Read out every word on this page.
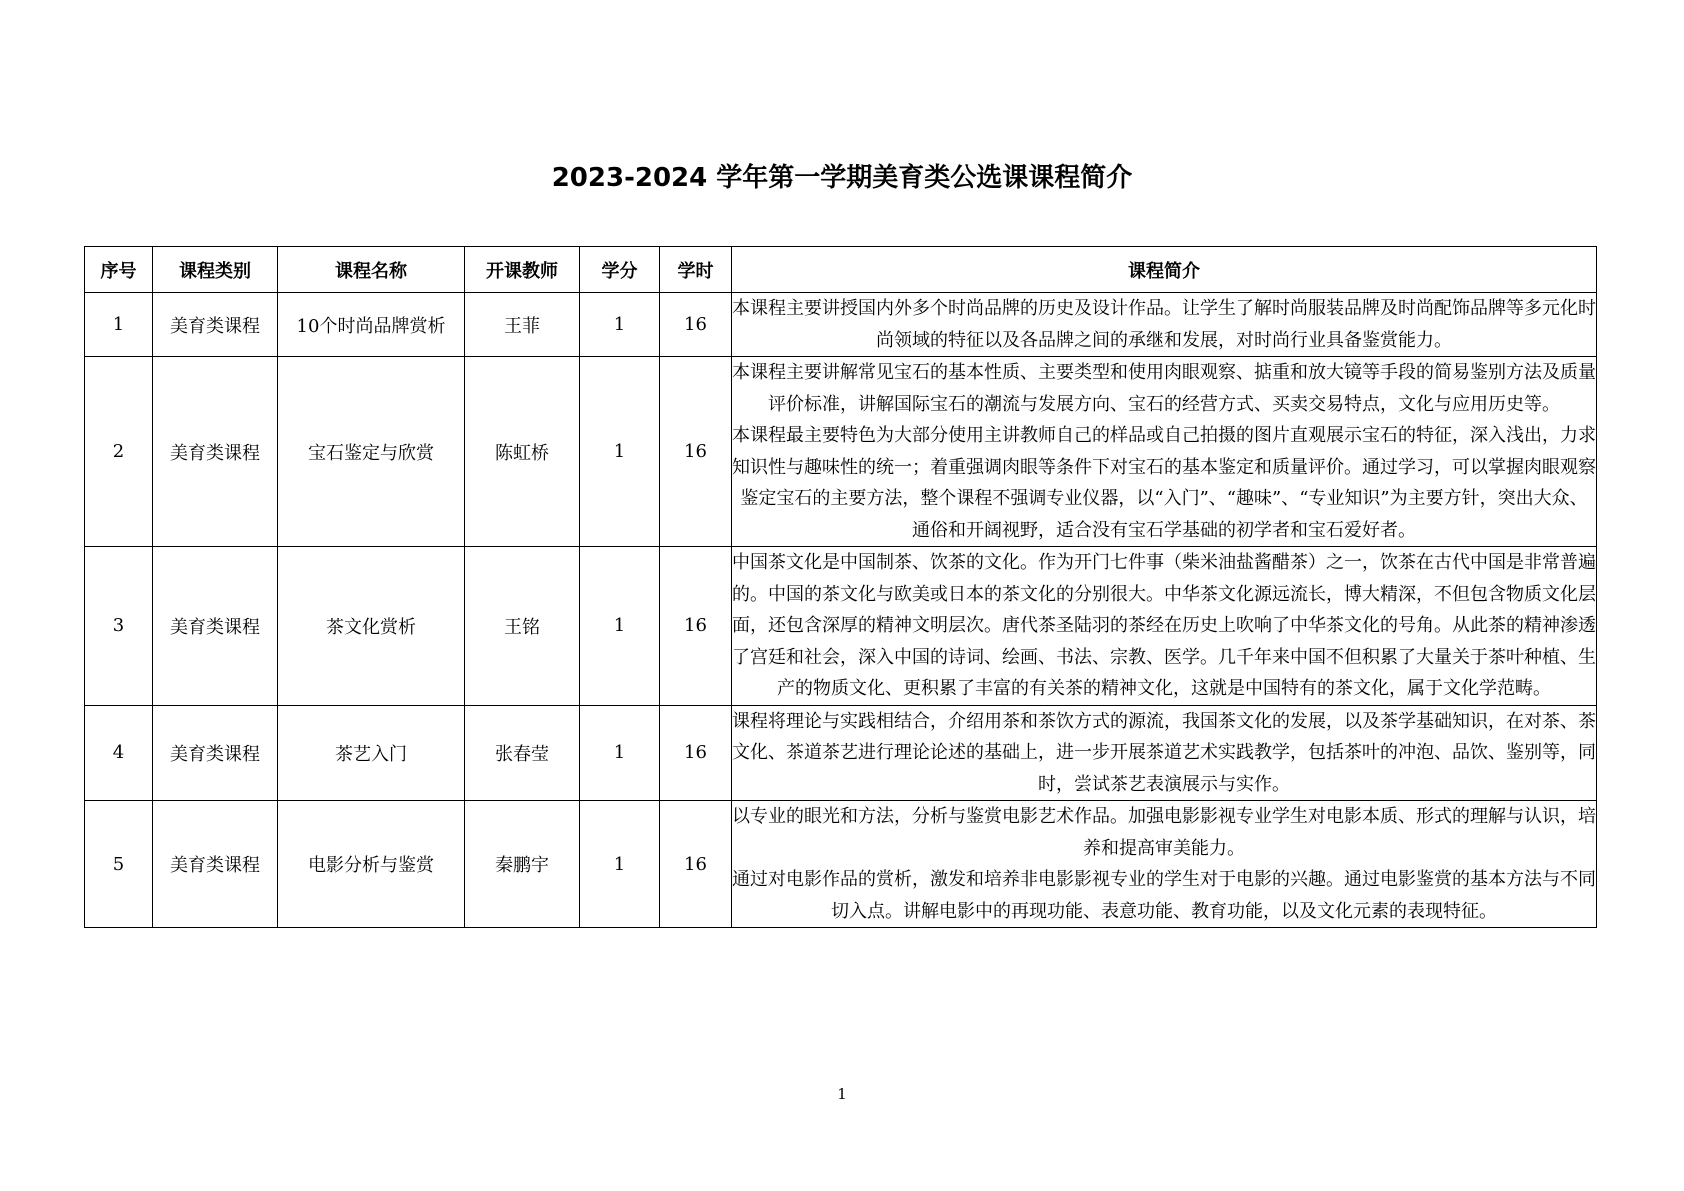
2023-2024 学年第一学期美育类公选课课程简介
序号	课程类别	课程名称	开课教师	学分	学时	课程简介
1	美育类课程	10个时尚品牌赏析	王菲	1	16	本课程主要讲授国内外多个时尚品牌的历史及设计作品。让学生了解时尚服装品牌及时尚配饰品牌等多元化时尚领域的特征以及各品牌之间的承继和发展，对时尚行业具备鉴赏能力。

2	美育类课程	宝石鉴定与欣赏	陈虹桥	1	16	本课程主要讲解常见宝石的基本性质、主要类型和使用肉眼观察、掂重和放大镜等手段的简易鉴别方法及质量评价标准，讲解国际宝石的潮流与发展方向、宝石的经营方式、买卖交易特点，文化与应用历史等。

本课程最主要特色为大部分使用主讲教师自己的样品或自己拍摄的图片直观展示宝石的特征，深入浅出，力求知识性与趣味性的统一；着重强调肉眼等条件下对宝石的基本鉴定和质量评价。通过学习，可以掌握肉眼观察鉴定宝石的主要方法，整个课程不强调专业仪器，以“入门”、“趣味”、“专业知识”为主要方针，突出大众、通俗和开阔视野，适合没有宝石学基础的初学者和宝石爱好者。

3	美育类课程	茶文化赏析	王铭	1	16	中国茶文化是中国制茶、饮茶的文化。作为开门七件事（柴米油盐酱醋茶）之一，饮茶在古代中国是非常普遍的。中国的茶文化与欧美或日本的茶文化的分别很大。中华茶文化源远流长，博大精深，不但包含物质文化层面，还包含深厚的精神文明层次。唐代茶圣陆羽的茶经在历史上吹响了中华茶文化的号角。从此茶的精神渗透了宫廷和社会，深入中国的诗词、绘画、书法、宗教、医学。几千年来中国不但积累了大量关于茶叶种植、生产的物质文化、更积累了丰富的有关茶的精神文化，这就是中国特有的茶文化，属于文化学范畴。

4	美育类课程	茶艺入门	张春莹	1	16	课程将理论与实践相结合，介绍用茶和茶饮方式的源流，我国茶文化的发展，以及茶学基础知识，在对茶、茶文化、茶道茶艺进行理论论述的基础上，进一步开展茶道艺术实践教学，包括茶叶的冲泡、品饮、鉴别等，同时，尝试茶艺表演展示与实作。

5	美育类课程	电影分析与鉴赏	秦鹏宇	1	16	以专业的眼光和方法，分析与鉴赏电影艺术作品。加强电影影视专业学生对电影本质、形式的理解与认识，培养和提高审美能力。

通过对电影作品的赏析，激发和培养非电影影视专业的学生对于电影的兴趣。通过电影鉴赏的基本方法与不同切入点。讲解电影中的再现功能、表意功能、教育功能，以及文化元素的表现特征。

1
